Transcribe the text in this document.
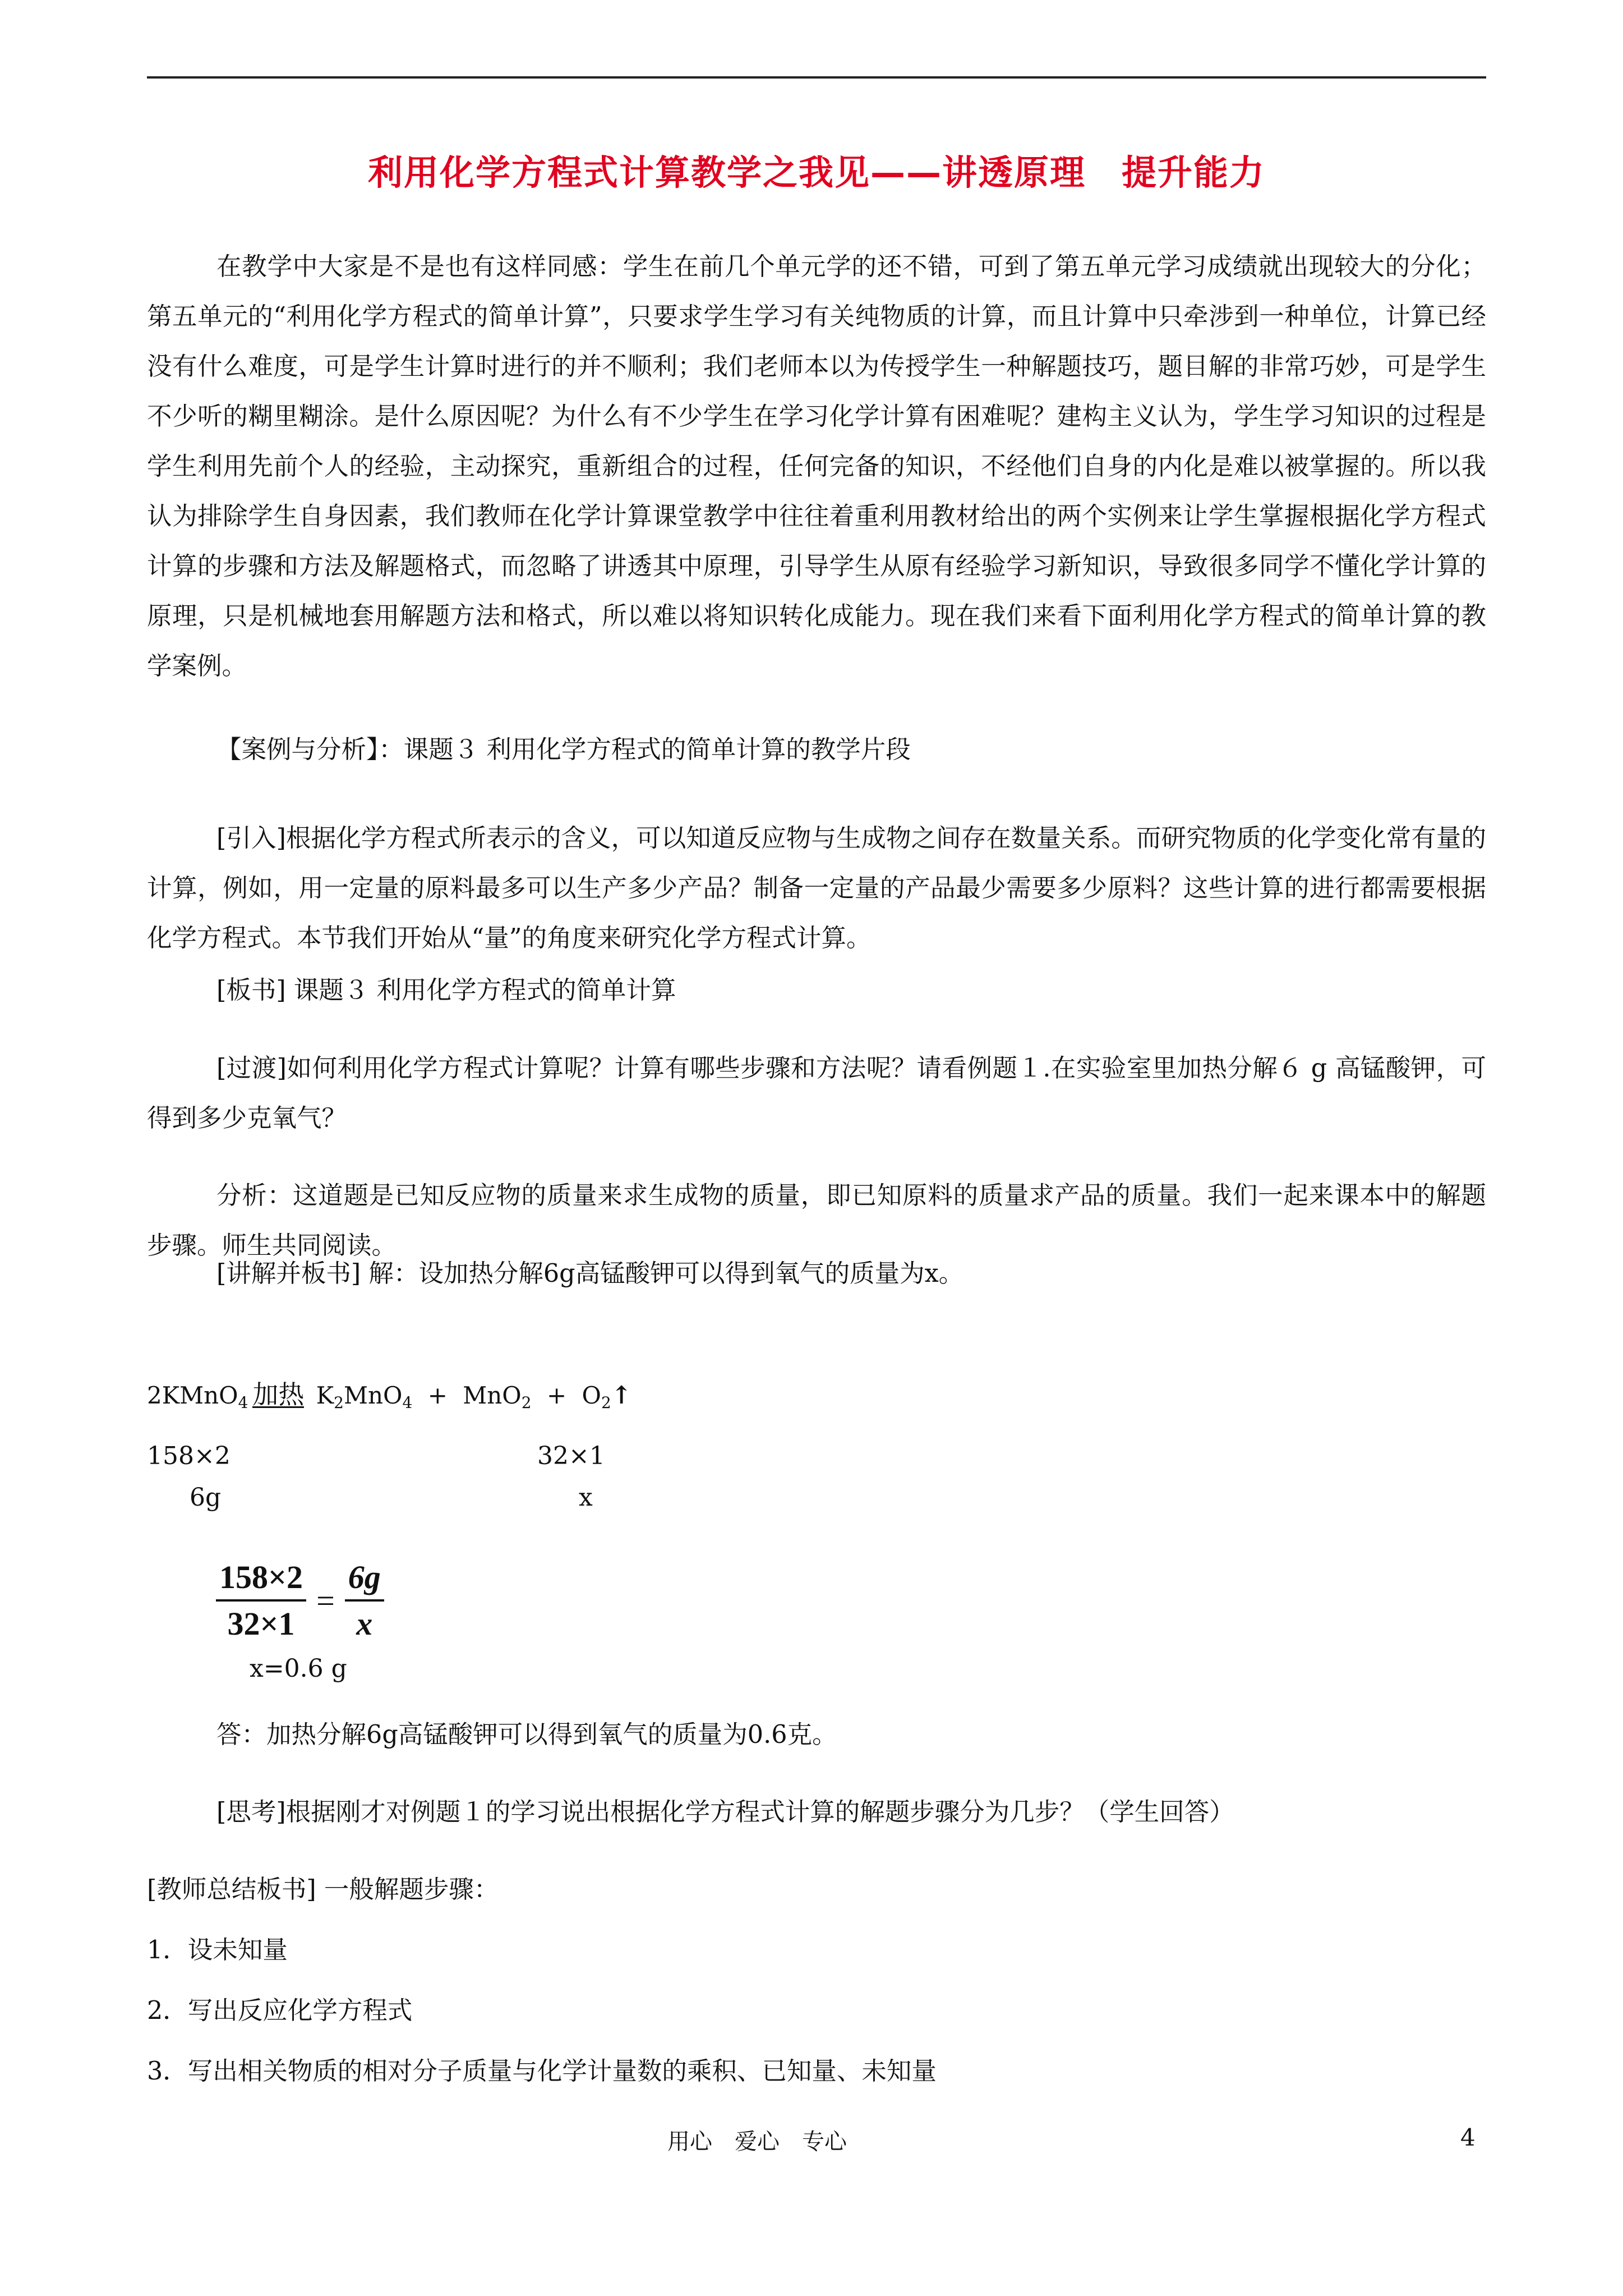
利用化学方程式计算教学之我见——讲透原理　提升能力
在教学中大家是不是也有这样同感：学生在前几个单元学的还不错，可到了第五单元学习成绩就出现较大的分化；第五单元的“利用化学方程式的简单计算”，只要求学生学习有关纯物质的计算，而且计算中只牵涉到一种单位，计算已经没有什么难度，可是学生计算时进行的并不顺利；我们老师本以为传授学生一种解题技巧，题目解的非常巧妙，可是学生不少听的糊里糊涂。是什么原因呢？为什么有不少学生在学习化学计算有困难呢？建构主义认为，学生学习知识的过程是学生利用先前个人的经验，主动探究，重新组合的过程，任何完备的知识，不经他们自身的内化是难以被掌握的。所以我认为排除学生自身因素，我们教师在化学计算课堂教学中往往着重利用教材给出的两个实例来让学生掌握根据化学方程式计算的步骤和方法及解题格式，而忽略了讲透其中原理，引导学生从原有经验学习新知识，导致很多同学不懂化学计算的原理，只是机械地套用解题方法和格式，所以难以将知识转化成能力。现在我们来看下面利用化学方程式的简单计算的教学案例。
【案例与分析】：课题３ 利用化学方程式的简单计算的教学片段
[引入]根据化学方程式所表示的含义，可以知道反应物与生成物之间存在数量关系。而研究物质的化学变化常有量的计算，例如，用一定量的原料最多可以生产多少产品？制备一定量的产品最少需要多少原料？这些计算的进行都需要根据化学方程式。本节我们开始从“量”的角度来研究化学方程式计算。
[板书] 课题３ 利用化学方程式的简单计算
[过渡]如何利用化学方程式计算呢？计算有哪些步骤和方法呢？请看例题１.在实验室里加热分解６ g 高锰酸钾，可得到多少克氧气？
分析：这道题是已知反应物的质量来求生成物的质量，即已知原料的质量求产品的质量。我们一起来课本中的解题步骤。师生共同阅读。
[讲解并板书] 解：设加热分解6g高锰酸钾可以得到氧气的质量为x。
2KMnO$_4$ 加热 $K_2MnO_4 + MnO_2$ + $O_2↑$
158×2	32×1
6g	x
$\frac{158\times 2}{32\times 1} = \frac{6g}{x}$
x=0.6 g
答：加热分解6g高锰酸钾可以得到氧气的质量为0.6克。
[思考]根据刚才对例题１的学习说出根据化学方程式计算的解题步骤分为几步？（学生回答）
[教师总结板书] 一般解题步骤：
1．设未知量
2．写出反应化学方程式
3．写出相关物质的相对分子质量与化学计量数的乘积、已知量、未知量
用心　爱心　专心	4
